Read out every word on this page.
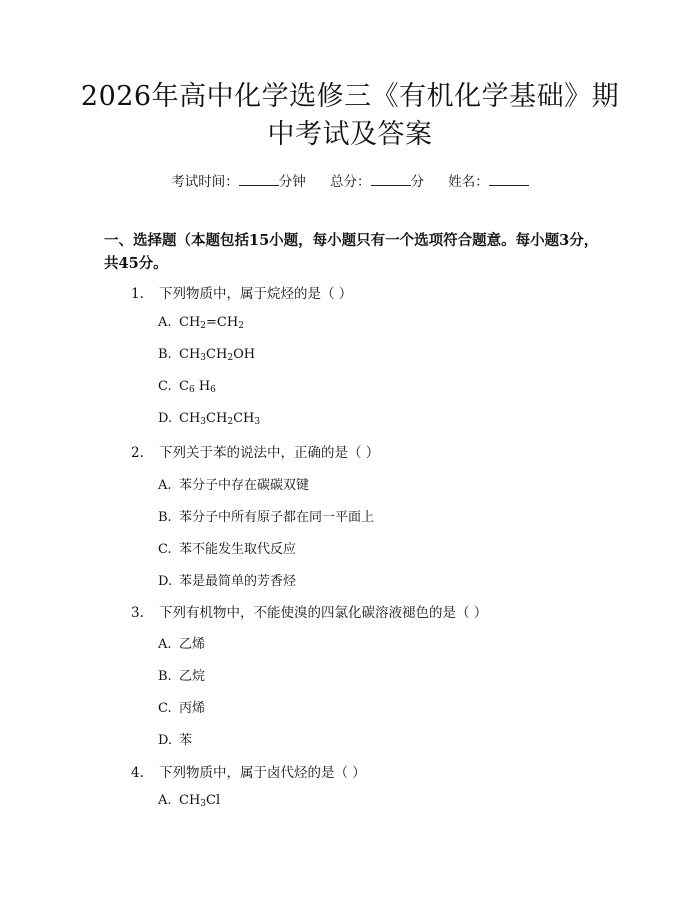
2026年高中化学选修三《有机化学基础》期
中考试及答案
考试时间：	分钟 总分：	分 姓名：
一、选择题（本题包括15小题，每小题只有一个选项符合题意。每小题3分，共45分。
1. 下列物质中，属于烷烃的是（ ）
A. $CH_2=CH_2$
B. $CH_3CH_2OH$
C. $C_6$ $H_6$
D. $CH_3CH_2CH_3$
2. 下列关于苯的说法中，正确的是（ ）
A. 苯分子中存在碳碳双键
B. 苯分子中所有原子都在同一平面上
C. 苯不能发生取代反应
D. 苯是最简单的芳香烃
3. 下列有机物中，不能使溴的四氯化碳溶液褪色的是（ ）
A. 乙烯
B. 乙烷
C. 丙烯
D. 苯
4. 下列物质中，属于卤代烃的是（ ）
A. $CH_3Cl$
